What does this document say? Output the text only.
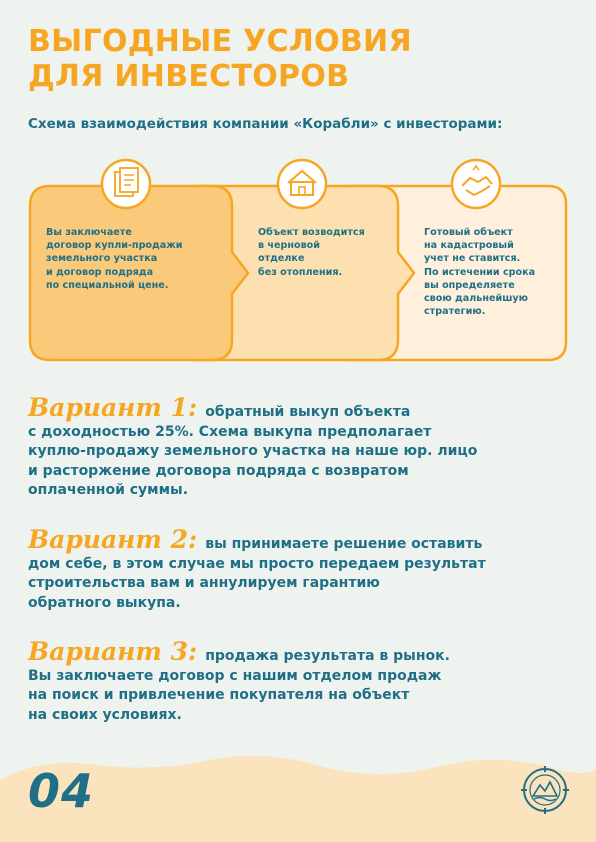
ВЫГОДНЫЕ УСЛОВИЯ
ДЛЯ ИНВЕСТОРОВ

Схема взаимодействия компании «Корабли» с инвесторами:

Вы заключаете
договор купли-продажи
земельного участка
и договор подряда
по специальной цене.
Объект возводится
в черновой
отделке
без отопления.
Готовый объект
на кадастровый
учет не ставится.
По истечении срока
вы определяете
свою дальнейшую
стратегию.
Вариант 1: обратный выкуп объекта
с доходностью 25%. Схема выкупа предполагает
куплю-продажу земельного участка на наше юр. лицо
и расторжение договора подряда с возвратом
оплаченной суммы.
Вариант 2: вы принимаете решение оставить
дом себе, в этом случае мы просто передаем результат
строительства вам и аннулируем гарантию
обратного выкупа.
Вариант 3: продажа результата в рынок.
Вы заключаете договор с нашим отделом продаж
на поиск и привлечение покупателя на объект
на своих условиях.
04
